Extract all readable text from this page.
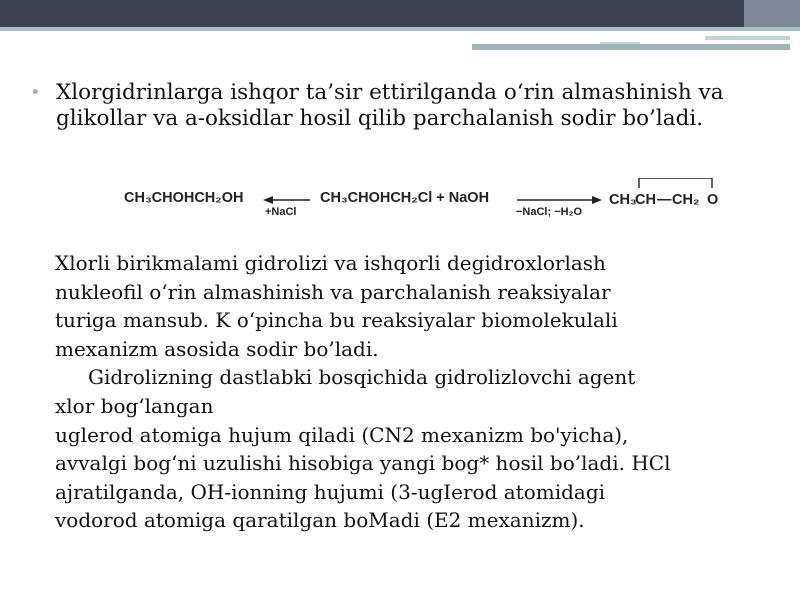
• Xlorgidrinlarga ishqor ta’sir ettirilganda o‘rin almashinish va glikollar va a-oksidlar hosil qilib parchalanish sodir bo’ladi.

CH₃CHOHCH₂OH
+NaCl
CH₃CHOHCH₂Cl + NaOH
−NaCl; −H₂O
CH₃
CH — CH₂ O
Xlorli birikmalami gidrolizi va ishqorli degidroxlorlash
nukleofil o‘rin almashinish va parchalanish reaksiyalar
turiga mansub. K o‘pincha bu reaksiyalar biomolekulali
mexanizm asosida sodir bo’ladi.
Gidrolizning dastlabki bosqichida gidrolizlovchi agent
xlor bog‘langan
uglerod atomiga hujum qiladi (CN2 mexanizm bo'yicha),
avvalgi bog‘ni uzulishi hisobiga yangi bog* hosil bo’ladi. HCl
ajratilganda, OH-ionning hujumi (3-ugIerod atomidagi
vodorod atomiga qaratilgan boMadi (E2 mexanizm).
